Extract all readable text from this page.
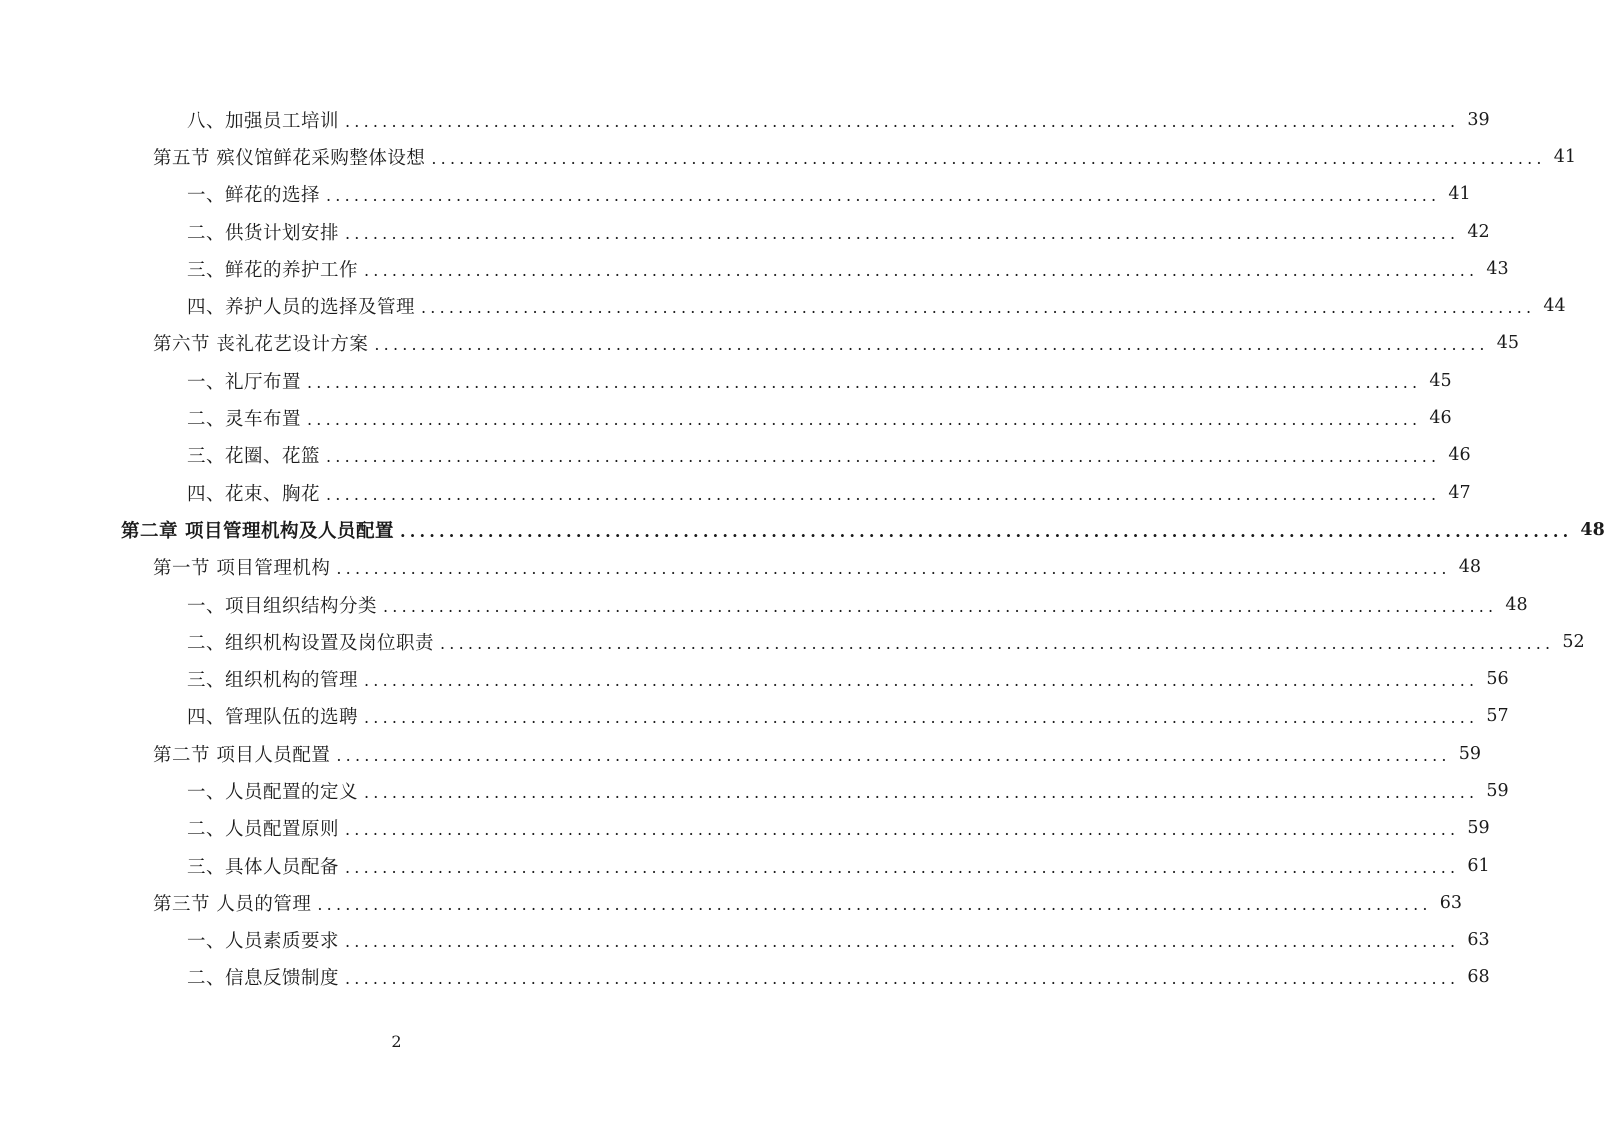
八、加强员工培训 ........................................................................................................................ 39
第五节 殡仪馆鲜花采购整体设想 ........................................................................................................................ 41
一、鲜花的选择 ........................................................................................................................ 41
二、供货计划安排 ........................................................................................................................ 42
三、鲜花的养护工作 ........................................................................................................................ 43
四、养护人员的选择及管理 ........................................................................................................................ 44
第六节 丧礼花艺设计方案 ........................................................................................................................ 45
一、礼厅布置 ........................................................................................................................ 45
二、灵车布置 ........................................................................................................................ 46
三、花圈、花篮 ........................................................................................................................ 46
四、花束、胸花 ........................................................................................................................ 47
第二章 项目管理机构及人员配置 ........................................................................................................................ 48
第一节 项目管理机构 ........................................................................................................................ 48
一、项目组织结构分类 ........................................................................................................................ 48
二、组织机构设置及岗位职责 ........................................................................................................................ 52
三、组织机构的管理 ........................................................................................................................ 56
四、管理队伍的选聘 ........................................................................................................................ 57
第二节 项目人员配置 ........................................................................................................................ 59
一、人员配置的定义 ........................................................................................................................ 59
二、人员配置原则 ........................................................................................................................ 59
三、具体人员配备 ........................................................................................................................ 61
第三节 人员的管理 ........................................................................................................................ 63
一、人员素质要求 ........................................................................................................................ 63
二、信息反馈制度 ........................................................................................................................ 68
2
